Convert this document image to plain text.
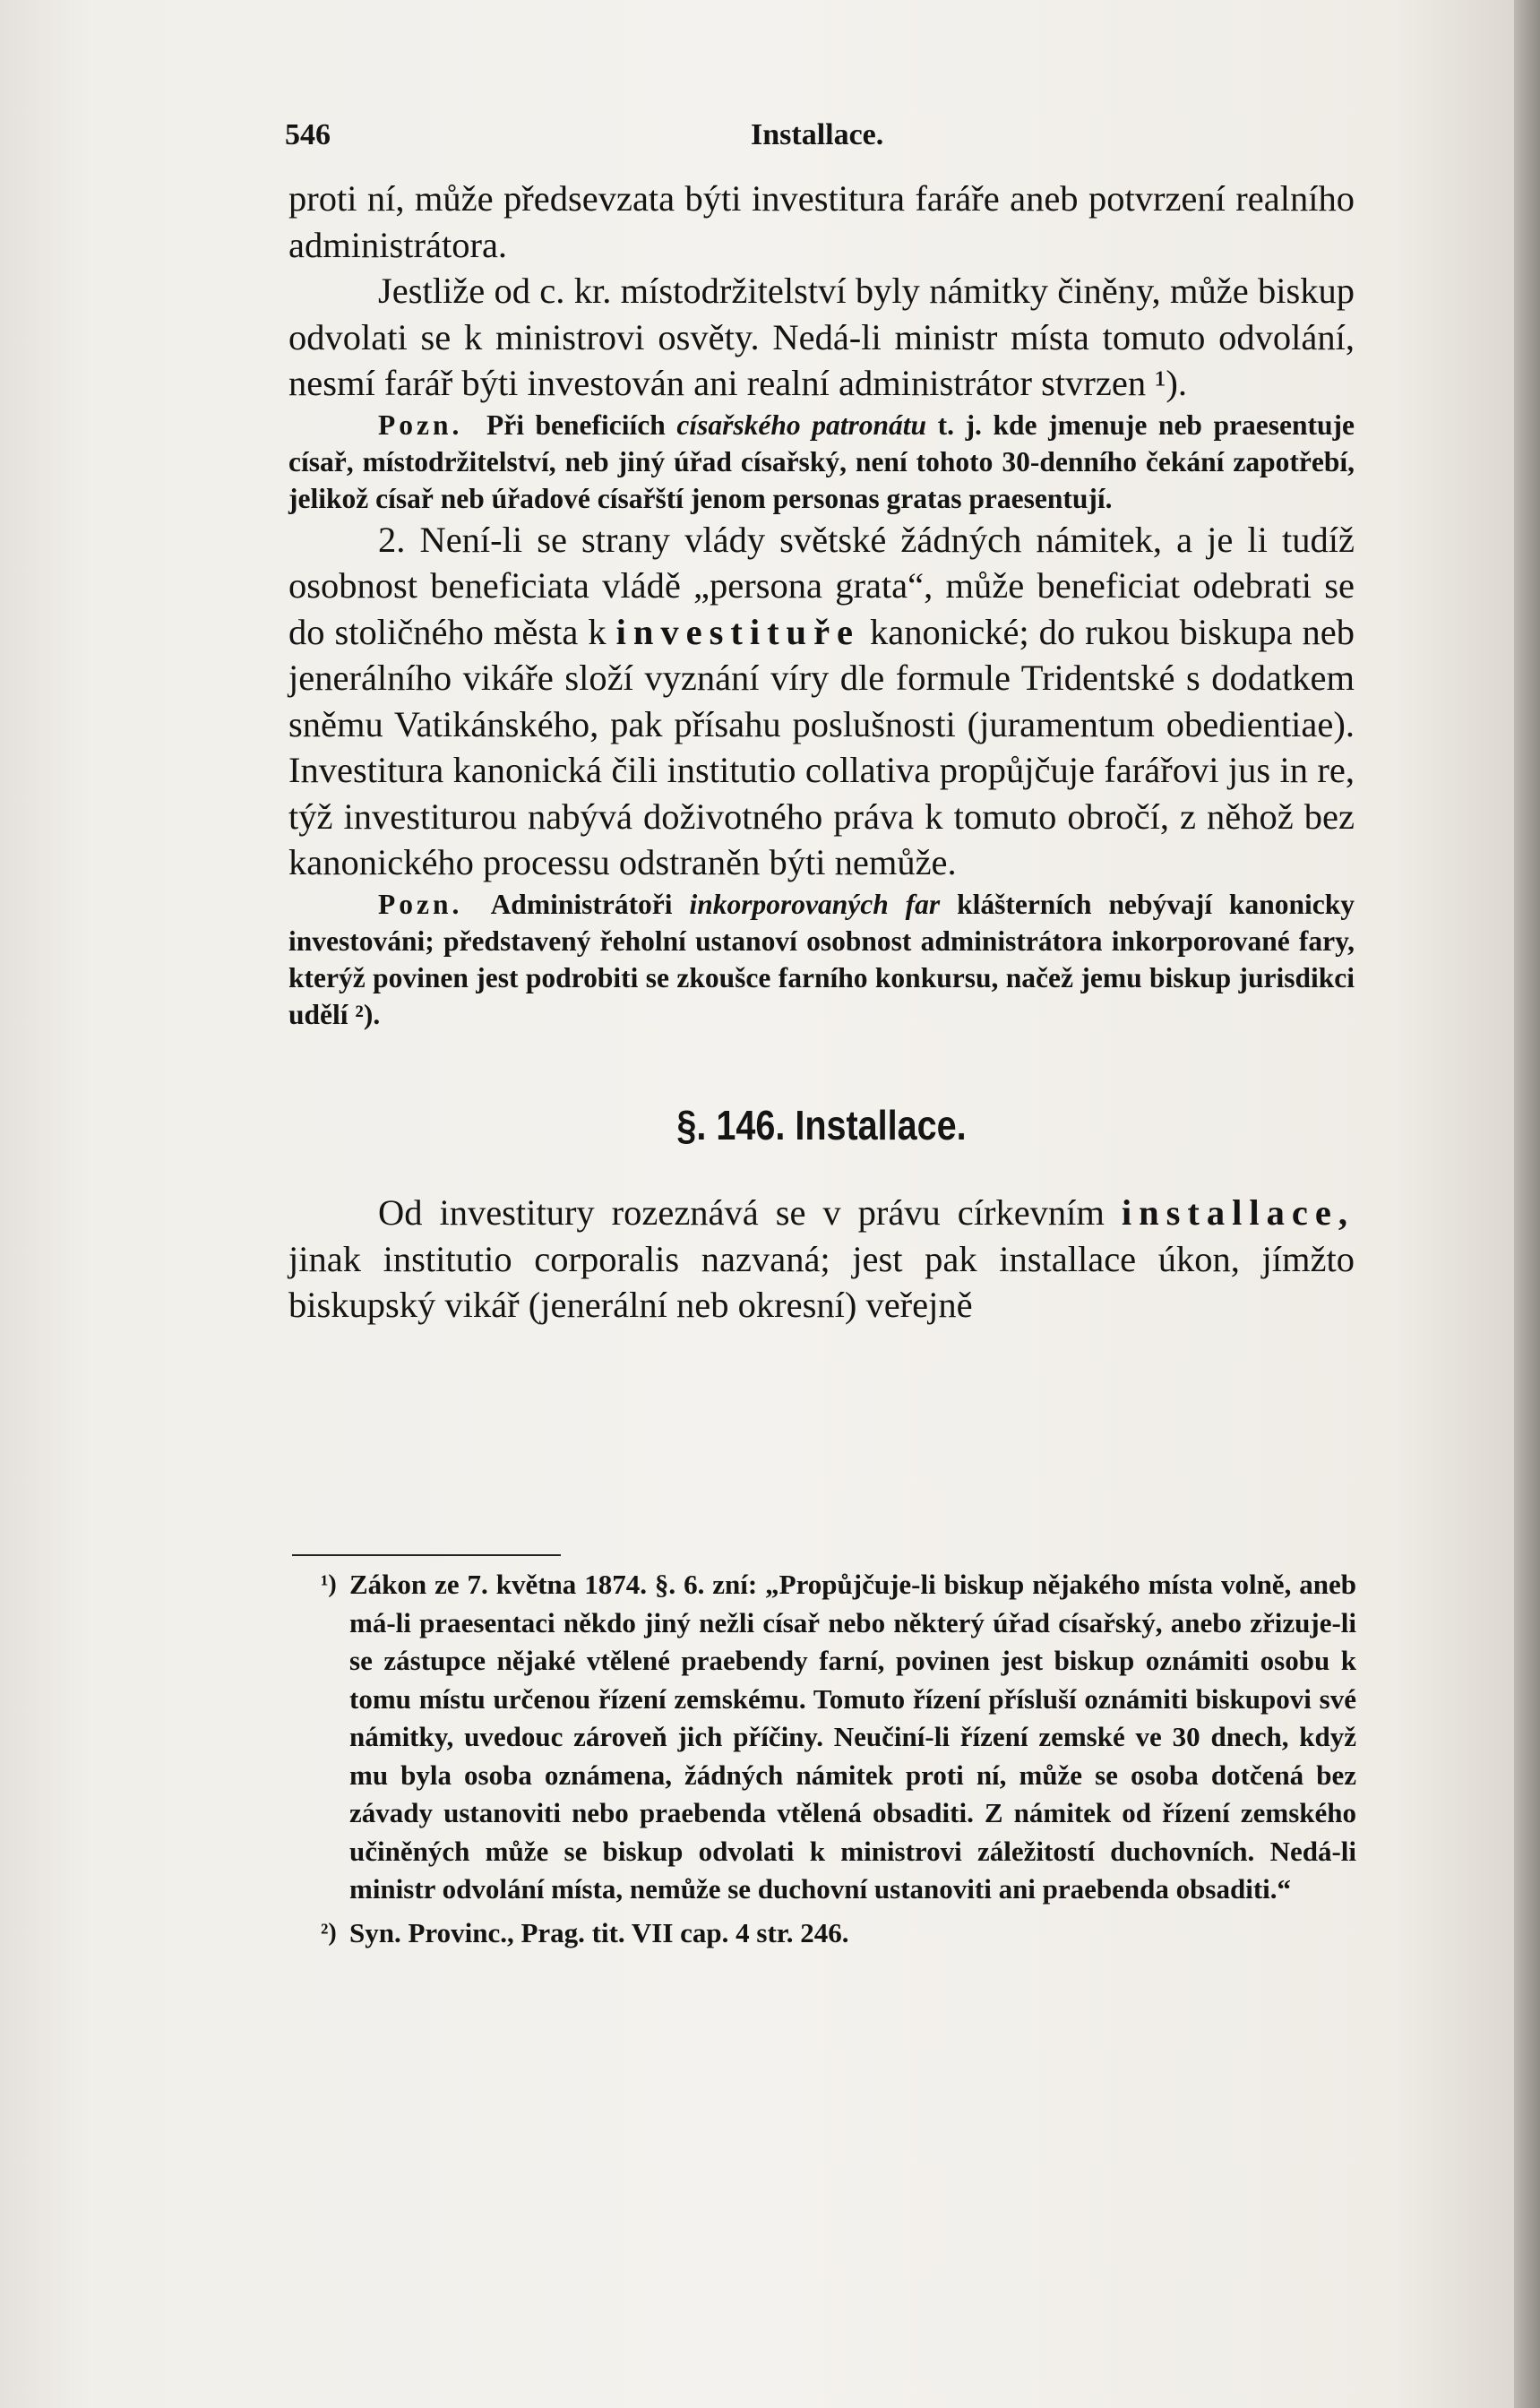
546	Installace.

proti ní, může předsevzata býti investitura faráře aneb potvrzení realního administrátora.

Jestliže od c. kr. místodržitelství byly námitky činěny, může biskup odvolati se k ministrovi osvěty. Nedá-li ministr místa tomuto odvolání, nesmí farář býti investován ani realní administrátor stvrzen ¹).

Pozn. Při beneficiích císařského patronátu t. j. kde jmenuje neb praesentuje císař, místodržitelství, neb jiný úřad císařský, není tohoto 30-denního čekání zapotřebí, jelikož císař neb úřadové císařští jenom personas gratas praesentují.

2. Není-li se strany vlády světské žádných námitek, a je li tudíž osobnost beneficiata vládě „persona grata“, může beneficiat odebrati se do stoličného města k investituře kanonické; do rukou biskupa neb jenerálního vikáře složí vyznání víry dle formule Tridentské s dodatkem sněmu Vatikánského, pak přísahu poslušnosti (juramentum obedientiae). Investitura kanonická čili institutio collativa propůjčuje farářovi jus in re, týž investiturou nabývá doživotného práva k tomuto obročí, z něhož bez kanonického processu odstraněn býti nemůže.

Pozn. Administrátoři inkorporovaných far klášterních nebývají kanonicky investováni; představený řeholní ustanoví osobnost administrátora inkorporované fary, kterýž povinen jest podrobiti se zkoušce farního konkursu, načež jemu biskup jurisdikci udělí ²).

§. 146. Installace.

Od investitury rozeznává se v právu církevním installace, jinak institutio corporalis nazvaná; jest pak installace úkon, jímžto biskupský vikář (jenerální neb okresní) veřejně

¹) Zákon ze 7. května 1874. §. 6. zní: „Propůjčuje-li biskup nějakého místa volně, aneb má-li praesentaci někdo jiný nežli císař nebo některý úřad císařský, anebo zřizuje-li se zástupce nějaké vtělené praebendy farní, povinen jest biskup oznámiti osobu k tomu místu určenou řízení zemskému. Tomuto řízení přísluší oznámiti biskupovi své námitky, uvedouc zároveň jich příčiny. Neučiní-li řízení zemské ve 30 dnech, když mu byla osoba oznámena, žádných námitek proti ní, může se osoba dotčená bez závady ustanoviti nebo praebenda vtělená obsaditi. Z námitek od řízení zemského učiněných může se biskup odvolati k ministrovi záležitostí duchovních. Nedá-li ministr odvolání místa, nemůže se duchovní ustanoviti ani praebenda obsaditi.“

²) Syn. Provinc., Prag. tit. VII cap. 4 str. 246.
